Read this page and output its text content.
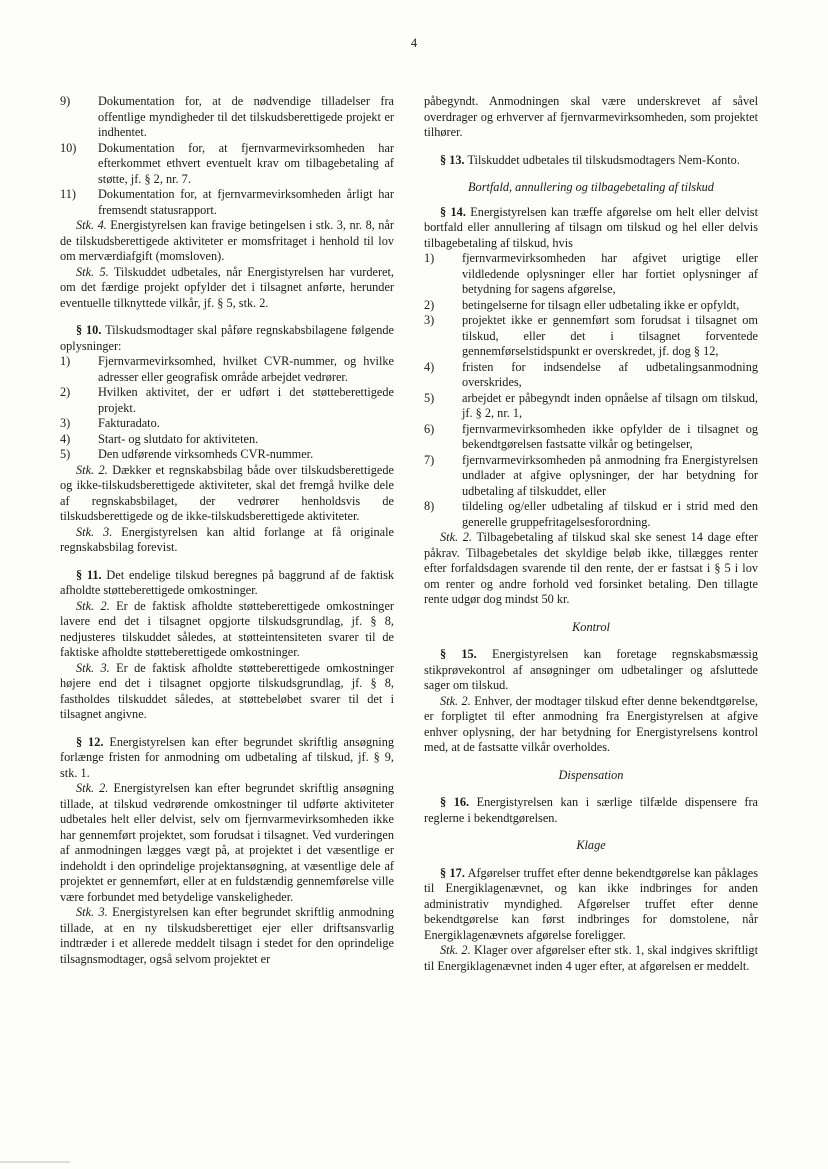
4
9)	Dokumentation for, at de nødvendige tilladelser fra offentlige myndigheder til det tilskudsberettigede projekt er indhentet.
10)	Dokumentation for, at fjernvarmevirksomheden har efterkommet ethvert eventuelt krav om tilbagebetaling af støtte, jf. § 2, nr. 7.
11)	Dokumentation for, at fjernvarmevirksomheden årligt har fremsendt statusrapport.

Stk. 4. Energistyrelsen kan fravige betingelsen i stk. 3, nr. 8, når de tilskudsberettigede aktiviteter er momsfritaget i henhold til lov om merværdiafgift (momsloven).

Stk. 5. Tilskuddet udbetales, når Energistyrelsen har vurderet, om det færdige projekt opfylder det i tilsagnet anførte, herunder eventuelle tilknyttede vilkår, jf. § 5, stk. 2.

§ 10. Tilskudsmodtager skal påføre regnskabsbilagene følgende oplysninger:

1)	Fjernvarmevirksomhed, hvilket CVR-nummer, og hvilke adresser eller geografisk område arbejdet vedrører.
2)	Hvilken aktivitet, der er udført i det støtteberettigede projekt.
3)	Fakturadato.
4)	Start- og slutdato for aktiviteten.
5)	Den udførende virksomheds CVR-nummer.

Stk. 2. Dækker et regnskabsbilag både over tilskudsberettigede og ikke-tilskudsberettigede aktiviteter, skal det fremgå hvilke dele af regnskabsbilaget, der vedrører henholdsvis de tilskudsberettigede og de ikke-tilskudsberettigede aktiviteter.

Stk. 3. Energistyrelsen kan altid forlange at få originale regnskabsbilag forevist.

§ 11. Det endelige tilskud beregnes på baggrund af de faktisk afholdte støtteberettigede omkostninger.

Stk. 2. Er de faktisk afholdte støtteberettigede omkostninger lavere end det i tilsagnet opgjorte tilskudsgrundlag, jf. § 8, nedjusteres tilskuddet således, at støtteintensiteten svarer til de faktiske afholdte støtteberettigede omkostninger.

Stk. 3. Er de faktisk afholdte støtteberettigede omkostninger højere end det i tilsagnet opgjorte tilskudsgrundlag, jf. § 8, fastholdes tilskuddet således, at støttebeløbet svarer til det i tilsagnet angivne.

§ 12. Energistyrelsen kan efter begrundet skriftlig ansøgning forlænge fristen for anmodning om udbetaling af tilskud, jf. § 9, stk. 1.

Stk. 2. Energistyrelsen kan efter begrundet skriftlig ansøgning tillade, at tilskud vedrørende omkostninger til udførte aktiviteter udbetales helt eller delvist, selv om fjernvarmevirksomheden ikke har gennemført projektet, som forudsat i tilsagnet. Ved vurderingen af anmodningen lægges vægt på, at projektet i det væsentlige er indeholdt i den oprindelige projektansøgning, at væsentlige dele af projektet er gennemført, eller at en fuldstændig gennemførelse ville være forbundet med betydelige vanskeligheder.

Stk. 3. Energistyrelsen kan efter begrundet skriftlig anmodning tillade, at en ny tilskudsberettiget ejer eller driftsansvarlig indtræder i et allerede meddelt tilsagn i stedet for den oprindelige tilsagnsmodtager, også selvom projektet er

påbegyndt. Anmodningen skal være underskrevet af såvel overdrager og erhverver af fjernvarmevirksomheden, som projektet tilhører.

§ 13. Tilskuddet udbetales til tilskudsmodtagers Nem-Konto.

Bortfald, annullering og tilbagebetaling af tilskud

§ 14. Energistyrelsen kan træffe afgørelse om helt eller delvist bortfald eller annullering af tilsagn om tilskud og hel eller delvis tilbagebetaling af tilskud, hvis

1)	fjernvarmevirksomheden har afgivet urigtige eller vildledende oplysninger eller har fortiet oplysninger af betydning for sagens afgørelse,
2)	betingelserne for tilsagn eller udbetaling ikke er opfyldt,
3)	projektet ikke er gennemført som forudsat i tilsagnet om tilskud, eller det i tilsagnet forventede gennemførselstidspunkt er overskredet, jf. dog § 12,
4)	fristen for indsendelse af udbetalingsanmodning overskrides,
5)	arbejdet er påbegyndt inden opnåelse af tilsagn om tilskud, jf. § 2, nr. 1,
6)	fjernvarmevirksomheden ikke opfylder de i tilsagnet og bekendtgørelsen fastsatte vilkår og betingelser,
7)	fjernvarmevirksomheden på anmodning fra Energistyrelsen undlader at afgive oplysninger, der har betydning for udbetaling af tilskuddet, eller
8)	tildeling og/eller udbetaling af tilskud er i strid med den generelle gruppefritagelsesforordning.

Stk. 2. Tilbagebetaling af tilskud skal ske senest 14 dage efter påkrav. Tilbagebetales det skyldige beløb ikke, tillægges renter efter forfaldsdagen svarende til den rente, der er fastsat i § 5 i lov om renter og andre forhold ved forsinket betaling. Den tillagte rente udgør dog mindst 50 kr.

Kontrol

§ 15. Energistyrelsen kan foretage regnskabsmæssig stikprøvekontrol af ansøgninger om udbetalinger og afsluttede sager om tilskud.

Stk. 2. Enhver, der modtager tilskud efter denne bekendtgørelse, er forpligtet til efter anmodning fra Energistyrelsen at afgive enhver oplysning, der har betydning for Energistyrelsens kontrol med, at de fastsatte vilkår overholdes.

Dispensation

§ 16. Energistyrelsen kan i særlige tilfælde dispensere fra reglerne i bekendtgørelsen.

Klage

§ 17. Afgørelser truffet efter denne bekendtgørelse kan påklages til Energiklagenævnet, og kan ikke indbringes for anden administrativ myndighed. Afgørelser truffet efter denne bekendtgørelse kan først indbringes for domstolene, når Energiklagenævnets afgørelse foreligger.

Stk. 2. Klager over afgørelser efter stk. 1, skal indgives skriftligt til Energiklagenævnet inden 4 uger efter, at afgørelsen er meddelt.
